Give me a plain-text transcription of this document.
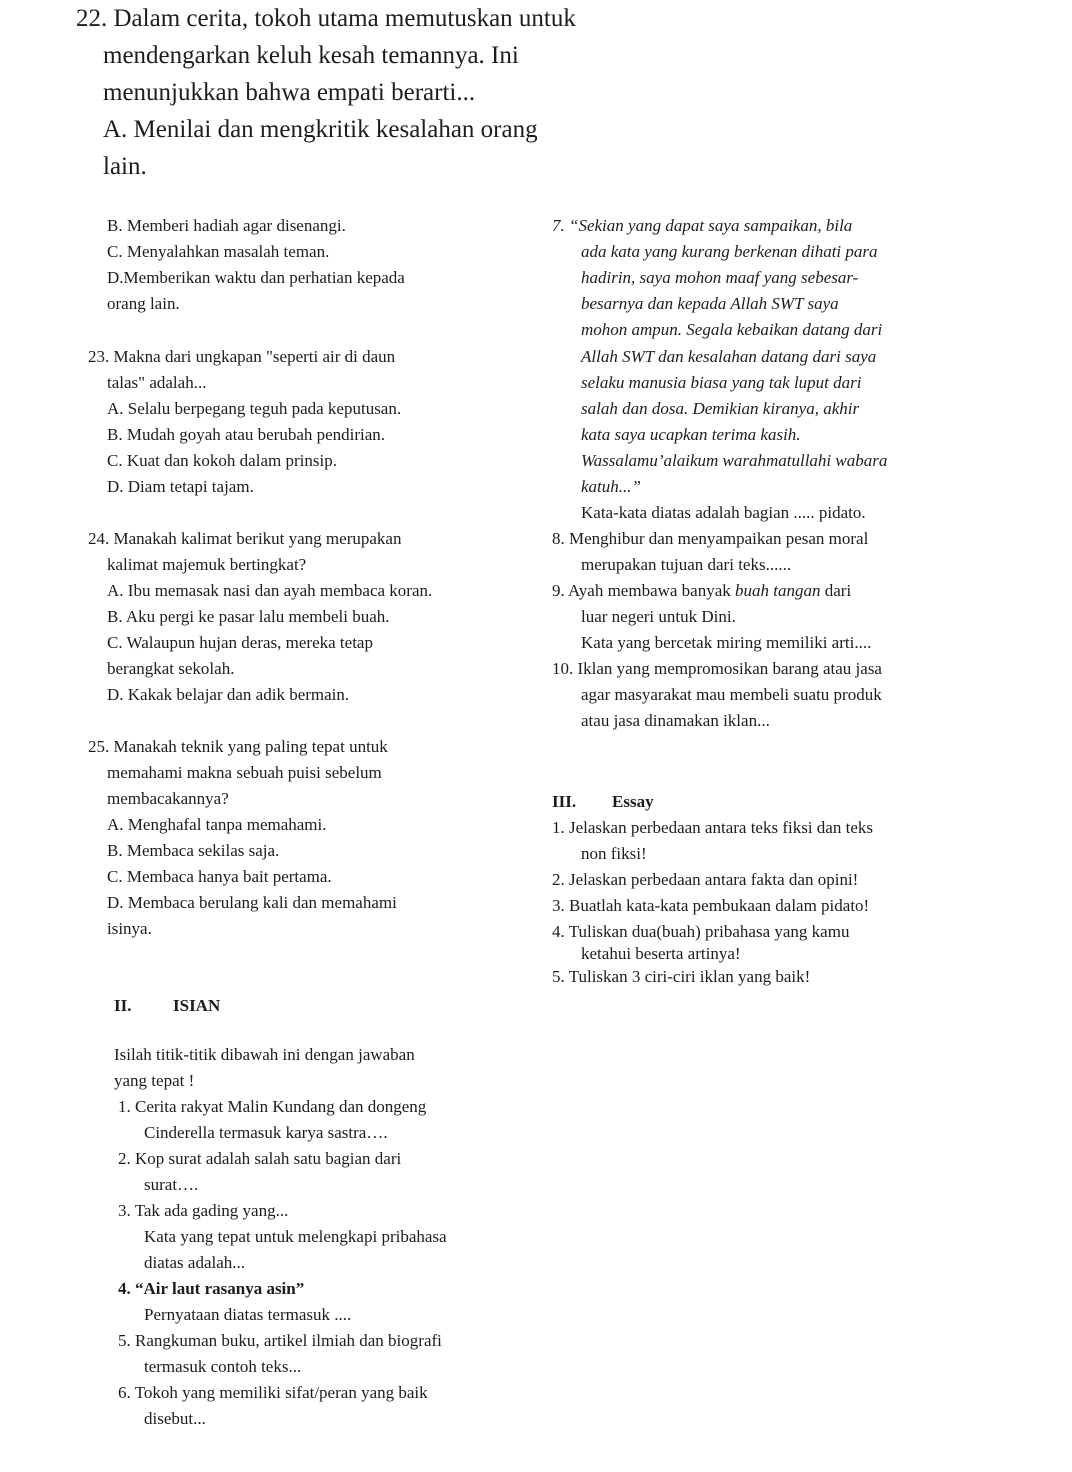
22. Dalam cerita, tokoh utama memutuskan untuk
mendengarkan keluh kesah temannya. Ini
menunjukkan bahwa empati berarti...
A. Menilai dan mengkritik kesalahan orang
lain.
B. Memberi hadiah agar disenangi.
C. Menyalahkan masalah teman.
D.Memberikan waktu dan perhatian kepada
orang lain.
23. Makna dari ungkapan "seperti air di daun
talas" adalah...
A. Selalu berpegang teguh pada keputusan.
B. Mudah goyah atau berubah pendirian.
C. Kuat dan kokoh dalam prinsip.
D. Diam tetapi tajam.
24. Manakah kalimat berikut yang merupakan
kalimat majemuk bertingkat?
A. Ibu memasak nasi dan ayah membaca koran.
B. Aku pergi ke pasar lalu membeli buah.
C. Walaupun hujan deras, mereka tetap
berangkat sekolah.
D. Kakak belajar dan adik bermain.
25. Manakah teknik yang paling tepat untuk
memahami makna sebuah puisi sebelum
membacakannya?
A. Menghafal tanpa memahami.
B. Membaca sekilas saja.
C. Membaca hanya bait pertama.
D. Membaca berulang kali dan memahami
isinya.
II. ISIAN
Isilah titik-titik dibawah ini dengan jawaban
yang tepat !
1. Cerita rakyat Malin Kundang dan dongeng
Cinderella termasuk karya sastra….
2. Kop surat adalah salah satu bagian dari
surat….
3. Tak ada gading yang...
Kata yang tepat untuk melengkapi pribahasa
diatas adalah...
4. “Air laut rasanya asin”
Pernyataan diatas termasuk ....
5. Rangkuman buku, artikel ilmiah dan biografi
termasuk contoh teks...
6. Tokoh yang memiliki sifat/peran yang baik
disebut...
7. “Sekian yang dapat saya sampaikan, bila
ada kata yang kurang berkenan dihati para
hadirin, saya mohon maaf yang sebesar-
besarnya dan kepada Allah SWT saya
mohon ampun. Segala kebaikan datang dari
Allah SWT dan kesalahan datang dari saya
selaku manusia biasa yang tak luput dari
salah dan dosa. Demikian kiranya, akhir
kata saya ucapkan terima kasih.
Wassalamu’alaikum warahmatullahi wabara
katuh...”
Kata-kata diatas adalah bagian ..... pidato.
8. Menghibur dan menyampaikan pesan moral
merupakan tujuan dari teks......
9. Ayah membawa banyak buah tangan dari
luar negeri untuk Dini.
Kata yang bercetak miring memiliki arti....
10. Iklan yang mempromosikan barang atau jasa
agar masyarakat mau membeli suatu produk
atau jasa dinamakan iklan...
III. Essay
1. Jelaskan perbedaan antara teks fiksi dan teks
non fiksi!
2. Jelaskan perbedaan antara fakta dan opini!
3. Buatlah kata-kata pembukaan dalam pidato!
4. Tuliskan dua(buah) pribahasa yang kamu
ketahui beserta artinya!
5. Tuliskan 3 ciri-ciri iklan yang baik!
